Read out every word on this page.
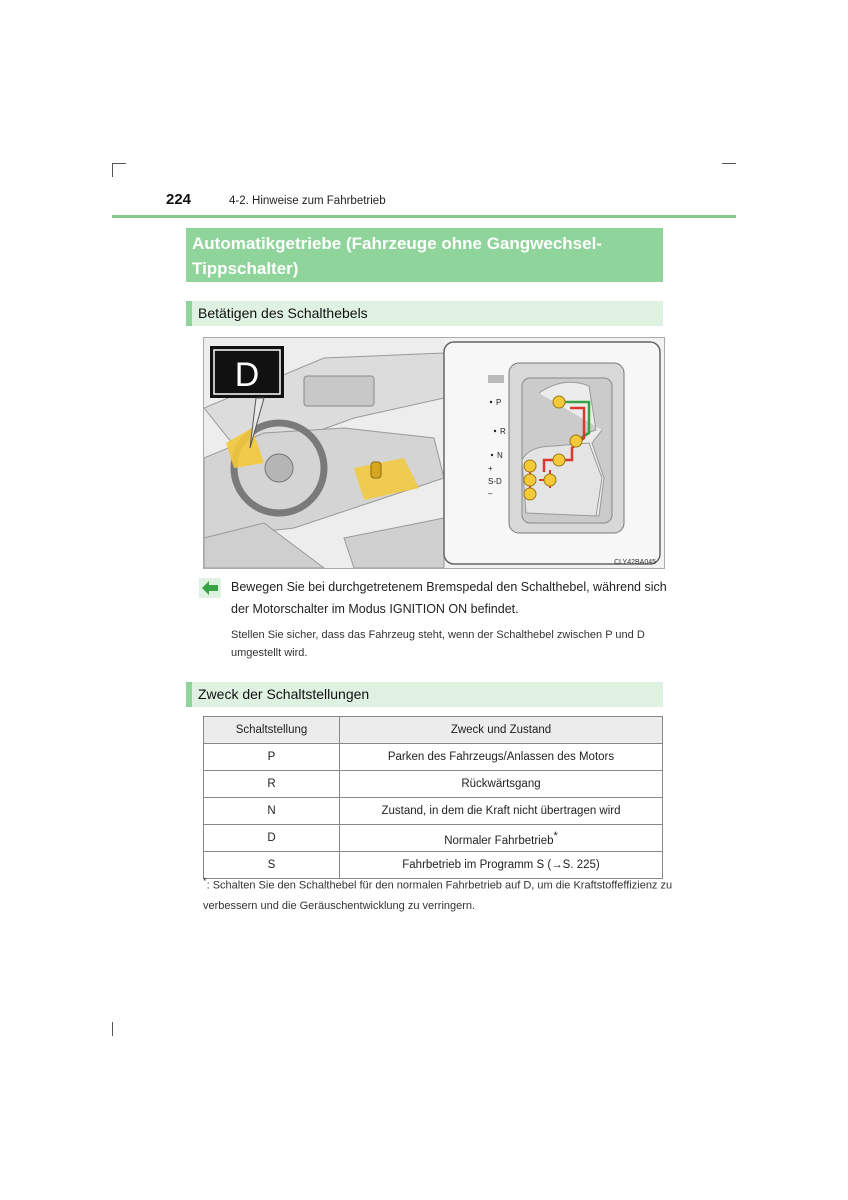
224	4-2. Hinweise zum Fahrbetrieb
Automatikgetriebe (Fahrzeuge ohne Gangwechsel-Tippschalter)
Betätigen des Schalthebels
D
P
R
N
+
S-D
–
CLY42BA045
Bewegen Sie bei durchgetretenem Bremspedal den Schalthebel, während sich der Motorschalter im Modus IGNITION ON befindet.
Stellen Sie sicher, dass das Fahrzeug steht, wenn der Schalthebel zwischen P und D umgestellt wird.
Zweck der Schaltstellungen
Schaltstellung	Zweck und Zustand
P	Parken des Fahrzeugs/Anlassen des Motors
R	Rückwärtsgang
N	Zustand, in dem die Kraft nicht übertragen wird
D	Normaler Fahrbetrieb*
S	Fahrbetrieb im Programm S (→S. 225)
*: Schalten Sie den Schalthebel für den normalen Fahrbetrieb auf D, um die Kraftstoffeffizienz zu verbessern und die Geräuschentwicklung zu verringern.
